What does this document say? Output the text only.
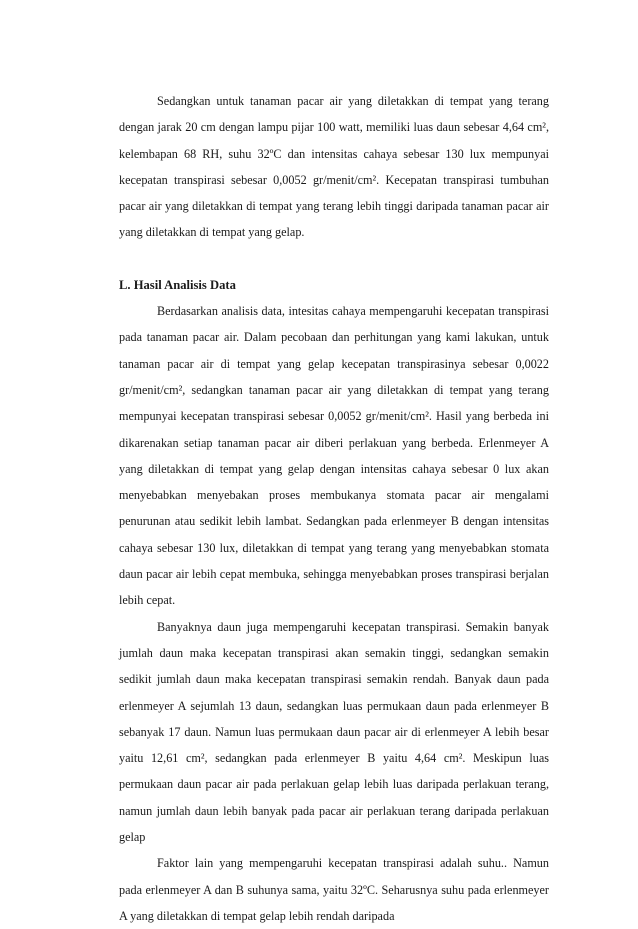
Sedangkan untuk tanaman pacar air yang diletakkan di tempat yang terang dengan jarak 20 cm dengan lampu pijar 100 watt, memiliki luas daun sebesar 4,64 cm², kelembapan 68 RH, suhu 32ºC dan intensitas cahaya sebesar 130 lux mempunyai kecepatan transpirasi sebesar 0,0052 gr/menit/cm². Kecepatan transpirasi tumbuhan pacar air yang diletakkan di tempat yang terang lebih tinggi daripada tanaman pacar air yang diletakkan di tempat yang gelap.

L. Hasil Analisis Data

Berdasarkan analisis data, intesitas cahaya mempengaruhi kecepatan transpirasi pada tanaman pacar air. Dalam pecobaan dan perhitungan yang kami lakukan, untuk tanaman pacar air di tempat yang gelap kecepatan transpirasinya sebesar 0,0022 gr/menit/cm², sedangkan tanaman pacar air yang diletakkan di tempat yang terang mempunyai kecepatan transpirasi sebesar 0,0052 gr/menit/cm². Hasil yang berbeda ini dikarenakan setiap tanaman pacar air diberi perlakuan yang berbeda. Erlenmeyer A yang diletakkan di tempat yang gelap dengan intensitas cahaya sebesar 0 lux akan menyebabkan menyebakan proses membukanya stomata pacar air mengalami penurunan atau sedikit lebih lambat. Sedangkan pada erlenmeyer B dengan intensitas cahaya sebesar 130 lux, diletakkan di tempat yang terang yang menyebabkan stomata daun pacar air lebih cepat membuka, sehingga menyebabkan proses transpirasi berjalan lebih cepat.

Banyaknya daun juga mempengaruhi kecepatan transpirasi. Semakin banyak jumlah daun maka kecepatan transpirasi akan semakin tinggi, sedangkan semakin sedikit jumlah daun maka kecepatan transpirasi semakin rendah. Banyak daun pada erlenmeyer A sejumlah 13 daun, sedangkan luas permukaan daun pada erlenmeyer B sebanyak 17 daun. Namun luas permukaan daun pacar air di erlenmeyer A lebih besar yaitu 12,61 cm², sedangkan pada erlenmeyer B yaitu 4,64 cm². Meskipun luas permukaan daun pacar air pada perlakuan gelap lebih luas daripada perlakuan terang, namun jumlah daun lebih banyak pada pacar air perlakuan terang daripada perlakuan gelap

Faktor lain yang mempengaruhi kecepatan transpirasi adalah suhu.. Namun pada erlenmeyer A dan B suhunya sama, yaitu 32ºC. Seharusnya suhu pada erlenmeyer A yang diletakkan di tempat gelap lebih rendah daripada
